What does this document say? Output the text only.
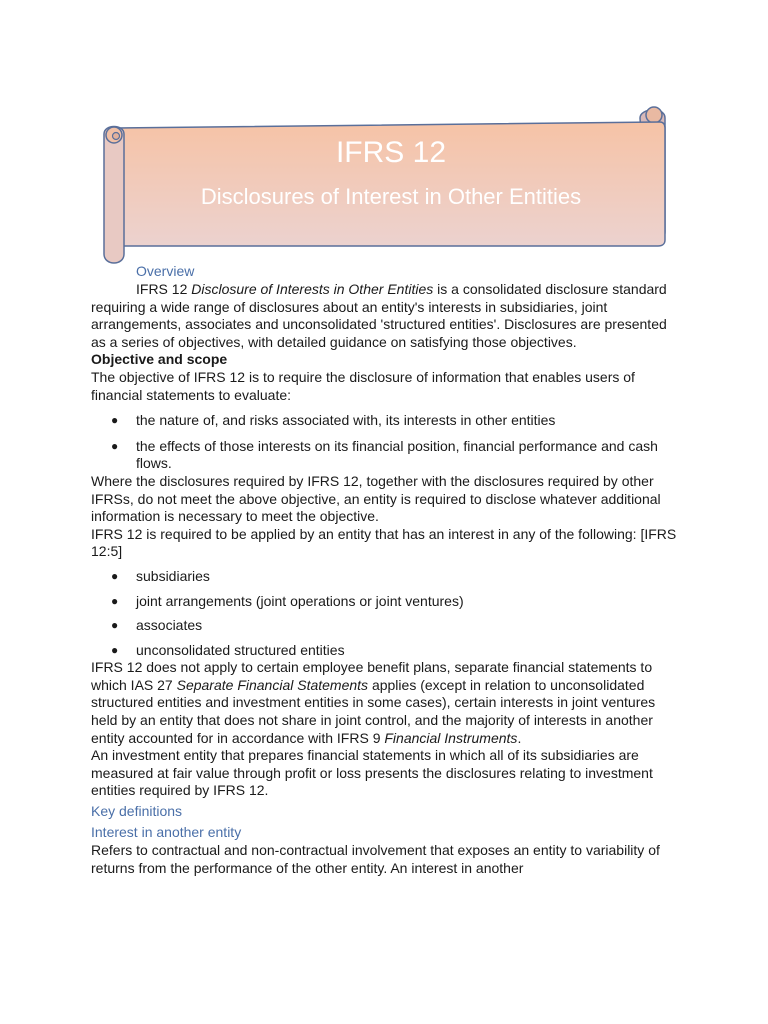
IFRS 12
Disclosures of Interest in Other Entities

Overview

IFRS 12 Disclosure of Interests in Other Entities is a consolidated disclosure standard requiring a wide range of disclosures about an entity's interests in subsidiaries, joint arrangements, associates and unconsolidated 'structured entities'. Disclosures are presented as a series of objectives, with detailed guidance on satisfying those objectives.

Objective and scope

The objective of IFRS 12 is to require the disclosure of information that enables users of financial statements to evaluate:

● the nature of, and risks associated with, its interests in other entities
● the effects of those interests on its financial position, financial performance and cash flows.

Where the disclosures required by IFRS 12, together with the disclosures required by other IFRSs, do not meet the above objective, an entity is required to disclose whatever additional information is necessary to meet the objective.

IFRS 12 is required to be applied by an entity that has an interest in any of the following: [IFRS 12:5]

● subsidiaries
● joint arrangements (joint operations or joint ventures)
● associates
● unconsolidated structured entities

IFRS 12 does not apply to certain employee benefit plans, separate financial statements to which IAS 27 Separate Financial Statements applies (except in relation to unconsolidated structured entities and investment entities in some cases), certain interests in joint ventures held by an entity that does not share in joint control, and the majority of interests in another entity accounted for in accordance with IFRS 9 Financial Instruments.

An investment entity that prepares financial statements in which all of its subsidiaries are measured at fair value through profit or loss presents the disclosures relating to investment entities required by IFRS 12.

Key definitions

Interest in another entity

Refers to contractual and non-contractual involvement that exposes an entity to variability of returns from the performance of the other entity. An interest in another
